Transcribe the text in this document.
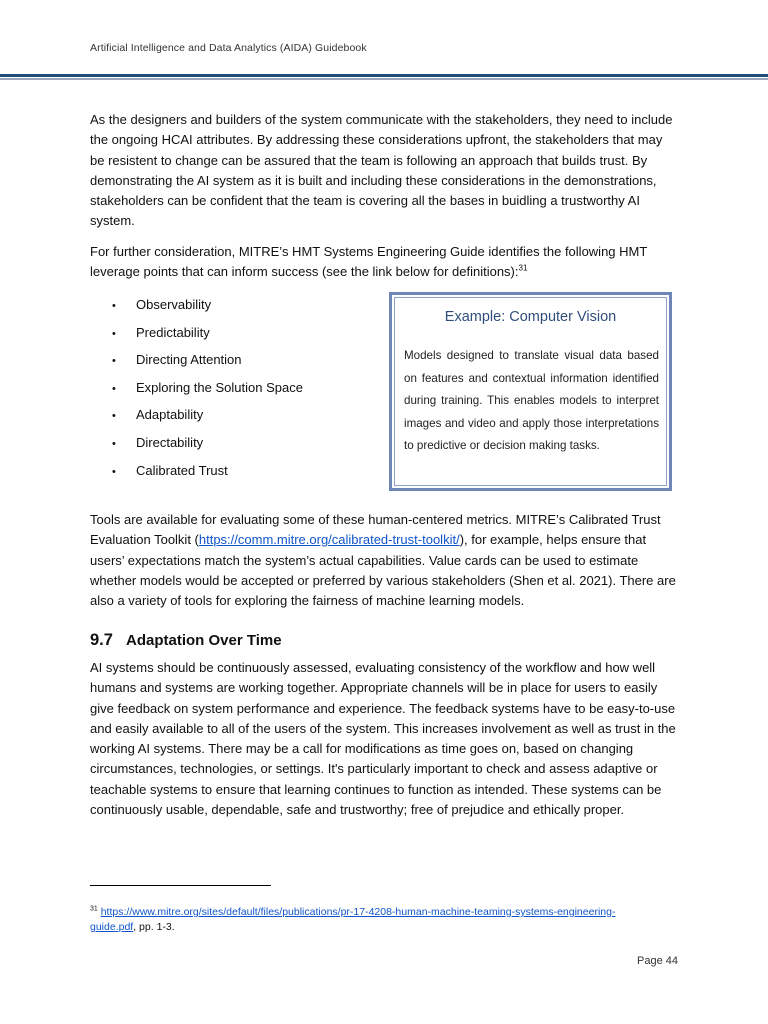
Artificial Intelligence and Data Analytics (AIDA) Guidebook

As the designers and builders of the system communicate with the stakeholders, they need to include the ongoing HCAI attributes. By addressing these considerations upfront, the stakeholders that may be resistent to change can be assured that the team is following an approach that builds trust. By demonstrating the AI system as it is built and including these considerations in the demonstrations, stakeholders can be confident that the team is covering all the bases in buidling a trustworthy AI system.

For further consideration, MITRE’s HMT Systems Engineering Guide identifies the following HMT leverage points that can inform success (see the link below for definitions):$^{31}$

• Observability
• Predictability
• Directing Attention
• Exploring the Solution Space
• Adaptability
• Directability
• Calibrated Trust
Example: Computer Vision
Models designed to translate visual data based on features and contextual information identified during training. This enables models to interpret images and video and apply those interpretations to predictive or decision making tasks.

Tools are available for evaluating some of these human-centered metrics. MITRE’s Calibrated Trust Evaluation Toolkit (https://comm.mitre.org/calibrated-trust-toolkit/), for example, helps ensure that users’ expectations match the system’s actual capabilities. Value cards can be used to estimate whether models would be accepted or preferred by various stakeholders (Shen et al. 2021). There are also a variety of tools for exploring the fairness of machine learning models.

9.7 Adaptation Over Time

AI systems should be continuously assessed, evaluating consistency of the workflow and how well humans and systems are working together. Appropriate channels will be in place for users to easily give feedback on system performance and experience. The feedback systems have to be easy-to-use and easily available to all of the users of the system. This increases involvement as well as trust in the working AI systems. There may be a call for modifications as time goes on, based on changing circumstances, technologies, or settings. It's particularly important to check and assess adaptive or teachable systems to ensure that learning continues to function as intended. These systems can be continuously usable, dependable, safe and trustworthy; free of prejudice and ethically proper.

$^{31}$ https://www.mitre.org/sites/default/files/publications/pr-17-4208-human-machine-teaming-systems-engineering-guide.pdf, pp. 1-3.
Page 44
